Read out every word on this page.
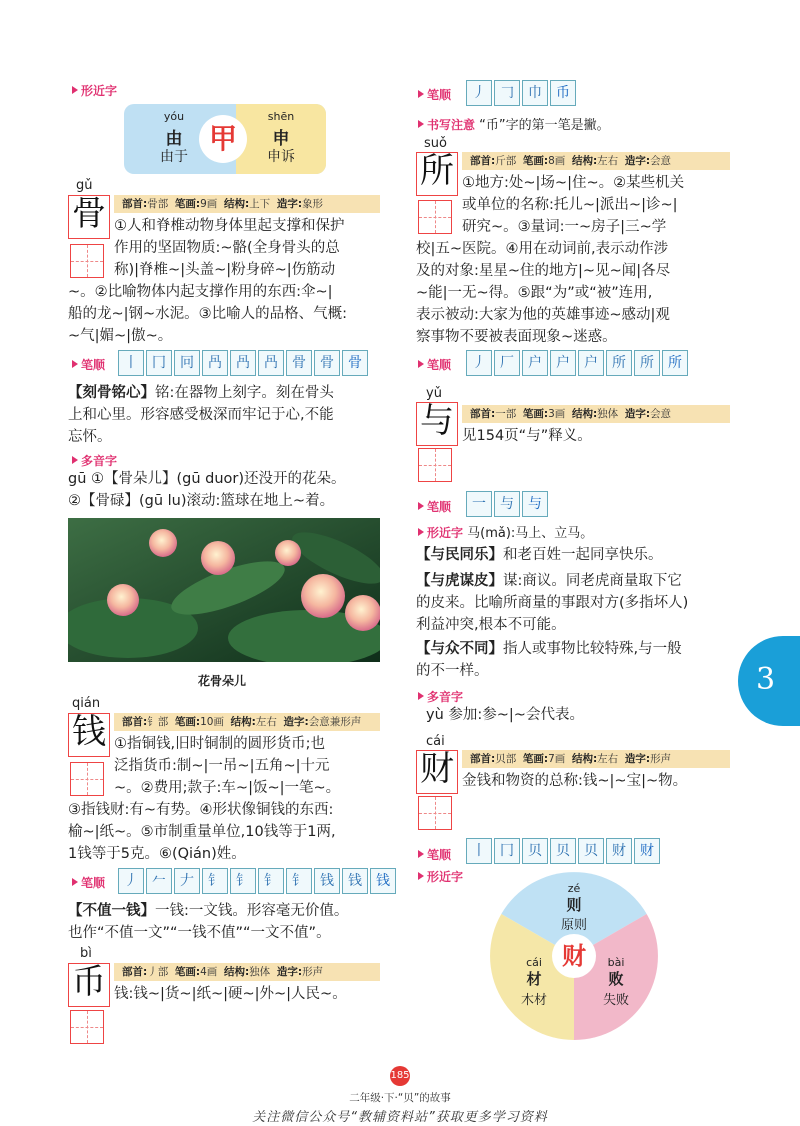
形近字
yóu
由
由于
甲
shēn
申
申诉
gǔ
骨	部首:骨部 笔画:9画 结构:上下 造字:象形
①人和脊椎动物身体里起支撑和保护
作用的坚固物质:~骼(全身骨头的总
称)|脊椎~|头盖~|粉身碎~|伤筋动
~。②比喻物体内起支撑作用的东西:伞~|
船的龙~|钢~水泥。③比喻人的品格、气概:
~气|媚~|傲~。
笔顺	丨	冂	冋	冎	冎	冎	骨	骨	骨
【刻骨铭心】铭:在器物上刻字。刻在骨头
上和心里。形容感受极深而牢记于心,不能
忘怀。
多音字
gū ①【骨朵儿】(gū duor)还没开的花朵。
②【骨碌】(gū lu)滚动:篮球在地上~着。
花骨朵儿
qián
钱	部首:钅部 笔画:10画 结构:左右 造字:会意兼形声
①指铜钱,旧时铜制的圆形货币;也
泛指货币:制~|一吊~|五角~|十元
~。②费用;款子:车~|饭~|一笔~。
③指钱财:有~有势。④形状像铜钱的东西:
榆~|纸~。⑤市制重量单位,10钱等于1两,
1钱等于5克。⑥(Qián)姓。
笔顺	丿	𠂉	𠂇	钅	钅	钅	钅	钱	钱	钱
【不值一钱】一钱:一文钱。形容毫无价值。
也作“不值一文”“一钱不值”“一文不值”。
bì
币	部首:丿部 笔画:4画 结构:独体 造字:形声
钱:钱~|货~|纸~|硬~|外~|人民~。
笔顺	丿	𠃌	巾	币
书写注意 “币”字的第一笔是撇。
suǒ
所	部首:斤部 笔画:8画 结构:左右 造字:会意
①地方:处~|场~|住~。②某些机关
或单位的名称:托儿~|派出~|诊~|
研究~。③量词:一~房子|三~学
校|五~医院。④用在动词前,表示动作涉
及的对象:星星~住的地方|~见~闻|各尽
~能|一无~得。⑤跟“为”或“被”连用,
表示被动:大家为他的英雄事迹~感动|观
察事物不要被表面现象~迷惑。
笔顺	丿	厂	户	户	户	所	所	所
yǔ
与	部首:一部 笔画:3画 结构:独体 造字:会意
见154页“与”释义。
笔顺	一	与	与
形近字 马(mǎ):马上、立马。
【与民同乐】和老百姓一起同享快乐。
【与虎谋皮】谋:商议。同老虎商量取下它
的皮来。比喻所商量的事跟对方(多指坏人)
利益冲突,根本不可能。
【与众不同】指人或事物比较特殊,与一般
的不一样。
多音字
yù 参加:参~|~会代表。
cái
财	部首:贝部 笔画:7画 结构:左右 造字:形声
金钱和物资的总称:钱~|~宝|~物。
笔顺	丨	冂	贝	贝	贝	财	财
形近字
财
zé
则
原则
cái
材
木材
bài
败
失败
3
185
二年级·下·“贝”的故事
关注微信公众号“教辅资料站”获取更多学习资料
